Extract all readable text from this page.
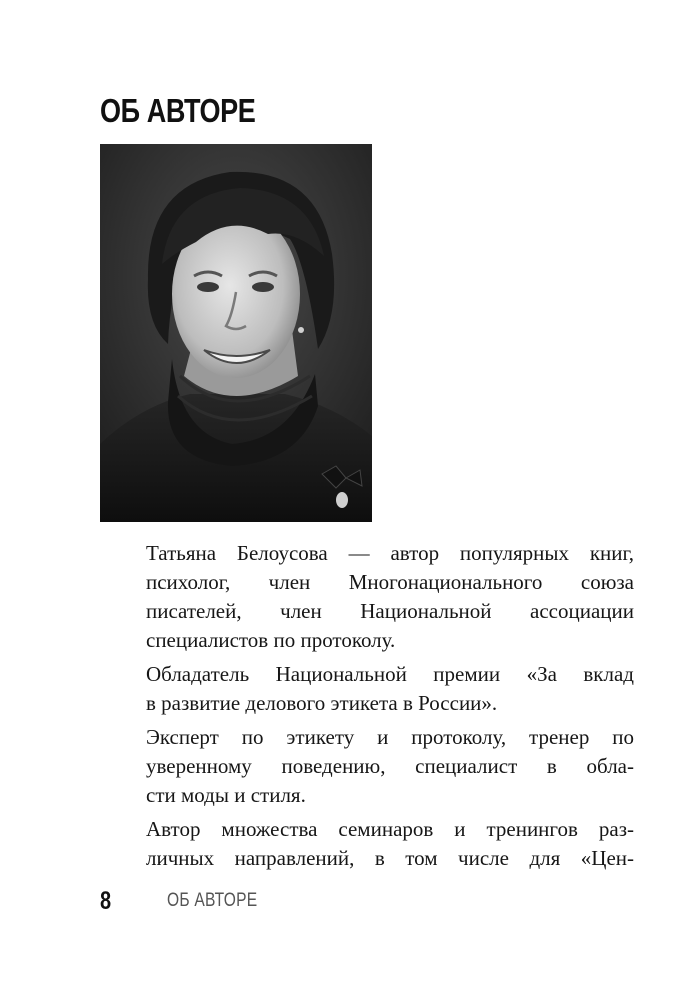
ОБ АВТОРЕ
Татьяна Белоусова — автор популярных книг,
психолог, член Многонационального союза
писателей, член Национальной ассоциации
специалистов по протоколу.
Обладатель Национальной премии «За вклад
в развитие делового этикета в России».
Эксперт по этикету и протоколу, тренер по
уверенному поведению, специалист в обла-
сти моды и стиля.
Автор множества семинаров и тренингов раз-
личных направлений, в том числе для «Цен-
8	ОБ АВТОРЕ
